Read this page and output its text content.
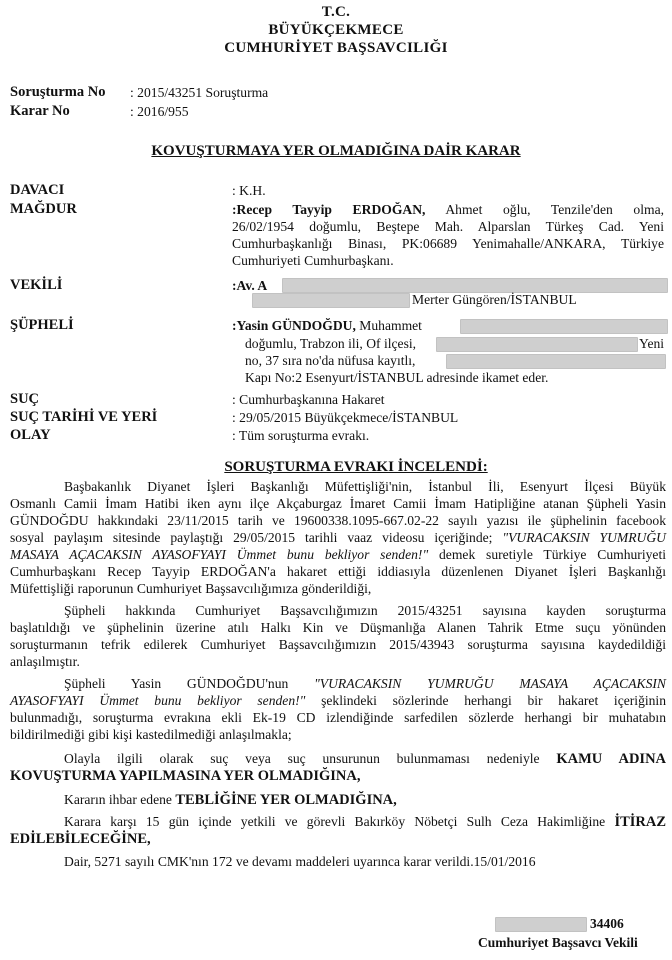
T.C.
BÜYÜKÇEKMECE
CUMHURİYET BAŞSAVCILIĞI
Soruşturma No : 2015/43251 Soruşturma
Karar No	: 2016/955
KOVUŞTURMAYA YER OLMADIĞINA DAİR KARAR
DAVACI	: K.H.
MAĞDUR	:Recep Tayyip ERDOĞAN, Ahmet oğlu, Tenzile'den olma,
26/02/1954 doğumlu, Beştepe Mah. Alparslan Türkeş Cad. Yeni
Cumhurbaşkanlığı Binası, PK:06689 Yenimahalle/ANKARA, Türkiye
Cumhuriyeti Cumhurbaşkanı.
VEKİLİ	:Av. A
Merter Güngören/İSTANBUL
ŞÜPHELİ	:Yasin GÜNDOĞDU, Muhammet
doğumlu, Trabzon ili, Of ilçesi,	Yeni
no, 37 sıra no'da nüfusa kayıtlı,
Kapı No:2 Esenyurt/İSTANBUL adresinde ikamet eder.
SUÇ	: Cumhurbaşkanına Hakaret
SUÇ TARİHİ VE YERİ	: 29/05/2015 Büyükçekmece/İSTANBUL
OLAY	: Tüm soruşturma evrakı.
SORUŞTURMA EVRAKI İNCELENDİ:
Başbakanlık Diyanet İşleri Başkanlığı Müfettişliği'nin, İstanbul İli, Esenyurt İlçesi Büyük
Osmanlı Camii İmam Hatibi iken aynı ilçe Akçaburgaz İmaret Camii İmam Hatipliğine atanan Şüpheli Yasin
GÜNDOĞDU hakkındaki 23/11/2015 tarih ve 19600338.1095-667.02-22 sayılı yazısı ile şüphelinin facebook
sosyal paylaşım sitesinde paylaştığı 29/05/2015 tarihli vaaz videosu içeriğinde; "VURACAKSIN YUMRUĞU
MASAYA AÇACAKSIN AYASOFYAYI Ümmet bunu bekliyor senden!" demek suretiyle Türkiye Cumhuriyeti
Cumhurbaşkanı Recep Tayyip ERDOĞAN'a hakaret ettiği iddiasıyla düzenlenen Diyanet İşleri Başkanlığı
Müfettişliği raporunun Cumhuriyet Başsavcılığımıza gönderildiği,
Şüpheli hakkında Cumhuriyet Başsavcılığımızın 2015/43251 sayısına kayden soruşturma
başlatıldığı ve şüphelinin üzerine atılı Halkı Kin ve Düşmanlığa Alanen Tahrik Etme suçu yönünden
soruşturmanın tefrik edilerek Cumhuriyet Başsavcılığımızın 2015/43943 soruşturma sayısına kaydedildiği
anlaşılmıştır.
Şüpheli Yasin GÜNDOĞDU'nun "VURACAKSIN YUMRUĞU MASAYA AÇACAKSIN
AYASOFYAYI Ümmet bunu bekliyor senden!" şeklindeki sözlerinde herhangi bir hakaret içeriğinin
bulunmadığı, soruşturma evrakına ekli Ek-19 CD izlendiğinde sarfedilen sözlerde herhangi bir muhatabın
bildirilmediği gibi kişi kastedilmediği anlaşılmakla;
Olayla ilgili olarak suç veya suç unsurunun bulunmaması nedeniyle KAMU ADINA
KOVUŞTURMA YAPILMASINA YER OLMADIĞINA,
Kararın ihbar edene TEBLİĞİNE YER OLMADIĞINA,
Karara karşı 15 gün içinde yetkili ve görevli Bakırköy Nöbetçi Sulh Ceza Hakimliğine İTİRAZ
EDİLEBİLECEĞİNE,
Dair, 5271 sayılı CMK'nın 172 ve devamı maddeleri uyarınca karar verildi.15/01/2016
34406
Cumhuriyet Başsavcı Vekili
